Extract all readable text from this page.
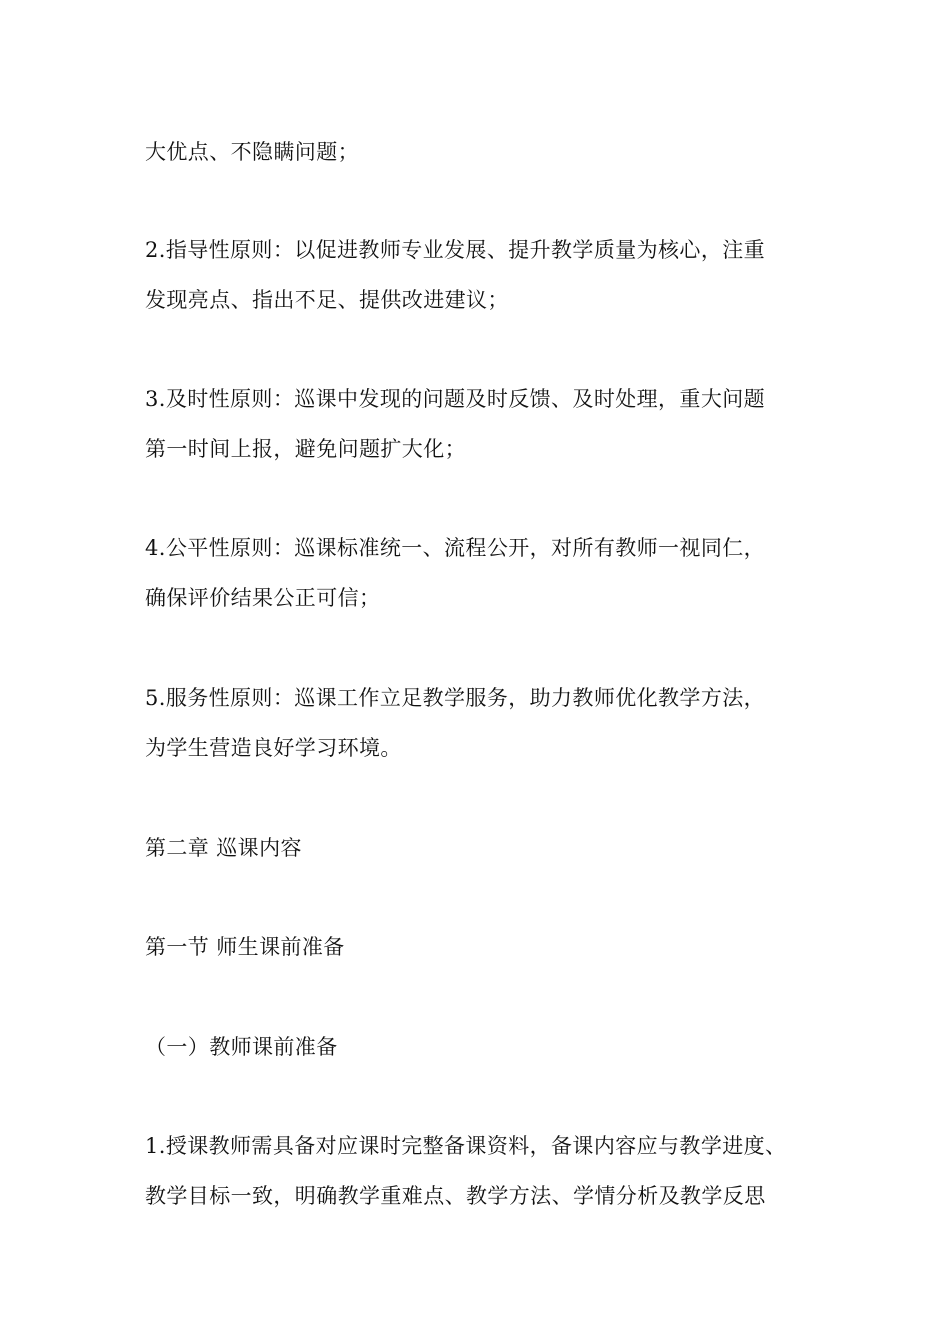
大优点、不隐瞒问题；
2.指导性原则：以促进教师专业发展、提升教学质量为核心，注重
发现亮点、指出不足、提供改进建议；
3.及时性原则：巡课中发现的问题及时反馈、及时处理，重大问题
第一时间上报，避免问题扩大化；
4.公平性原则：巡课标准统一、流程公开，对所有教师一视同仁，
确保评价结果公正可信；
5.服务性原则：巡课工作立足教学服务，助力教师优化教学方法，
为学生营造良好学习环境。
第二章 巡课内容
第一节 师生课前准备
（一）教师课前准备
1.授课教师需具备对应课时完整备课资料，备课内容应与教学进度、
教学目标一致，明确教学重难点、教学方法、学情分析及教学反思
